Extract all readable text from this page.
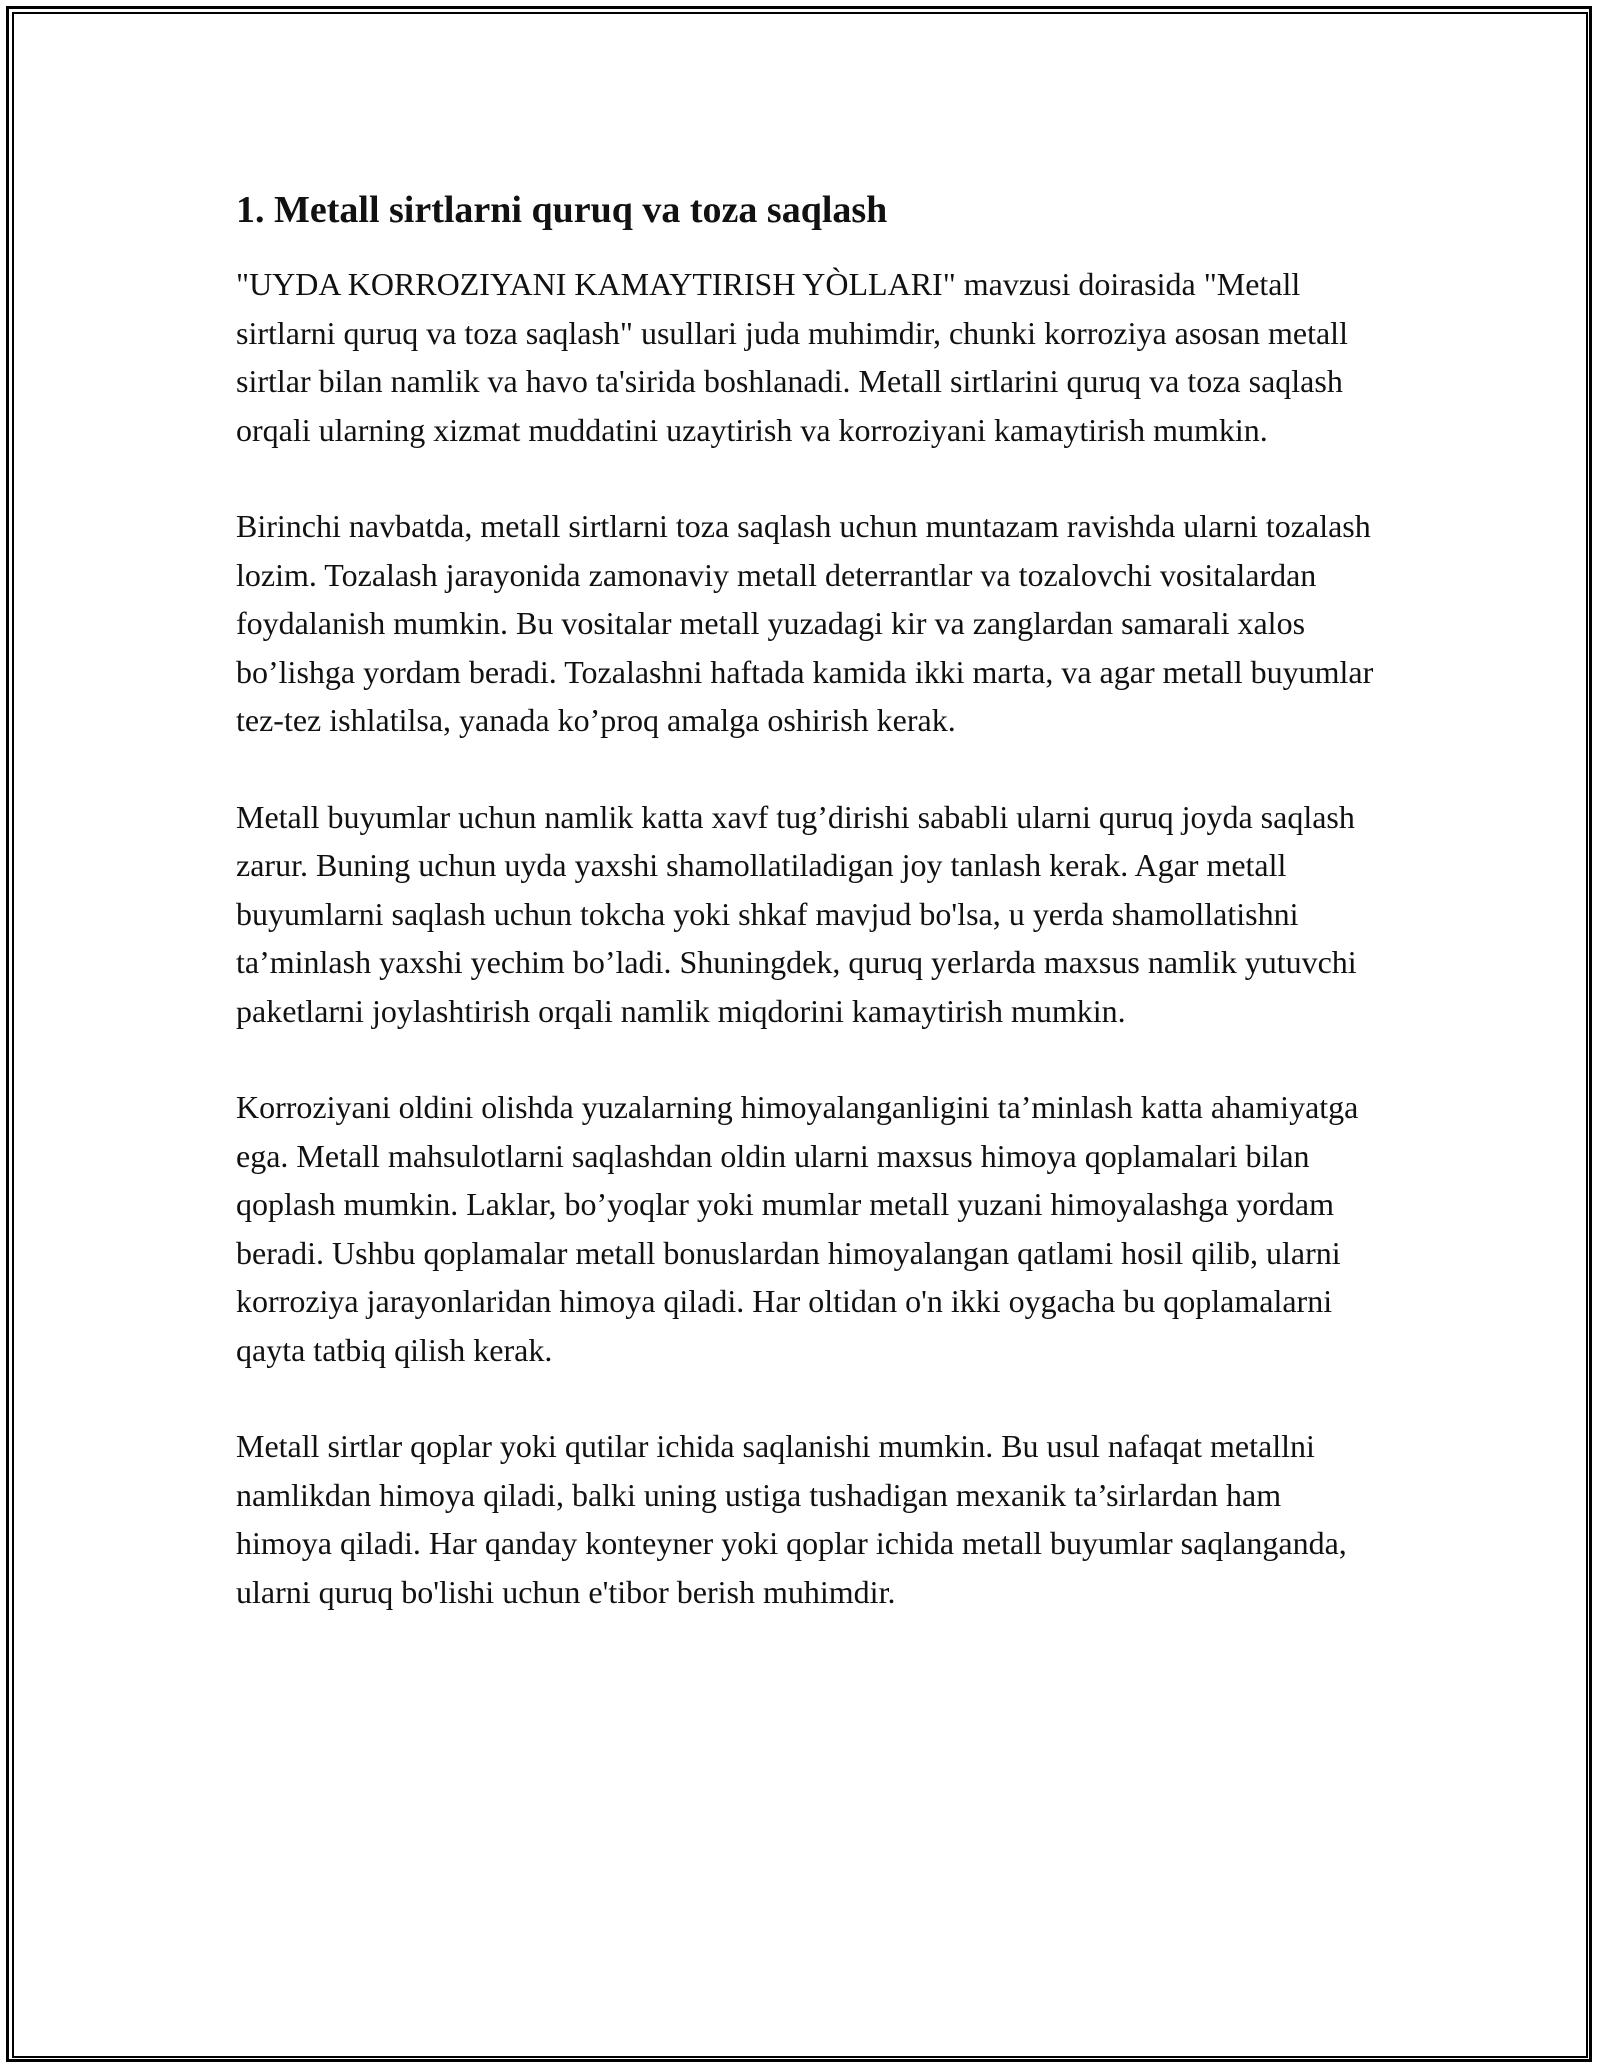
1. Metall sirtlarni quruq va toza saqlash

"UYDA KORROZIYANI KAMAYTIRISH YÒLLARI" mavzusi doirasida "Metall sirtlarni quruq va toza saqlash" usullari juda muhimdir, chunki korroziya asosan metall sirtlar bilan namlik va havo ta'sirida boshlanadi. Metall sirtlarini quruq va toza saqlash orqali ularning xizmat muddatini uzaytirish va korroziyani kamaytirish mumkin.

Birinchi navbatda, metall sirtlarni toza saqlash uchun muntazam ravishda ularni tozalash lozim. Tozalash jarayonida zamonaviy metall deterrantlar va tozalovchi vositalardan foydalanish mumkin. Bu vositalar metall yuzadagi kir va zanglardan samarali xalos bo’lishga yordam beradi. Tozalashni haftada kamida ikki marta, va agar metall buyumlar tez-tez ishlatilsa, yanada ko’proq amalga oshirish kerak.

Metall buyumlar uchun namlik katta xavf tug’dirishi sababli ularni quruq joyda saqlash zarur. Buning uchun uyda yaxshi shamollatiladigan joy tanlash kerak. Agar metall buyumlarni saqlash uchun tokcha yoki shkaf mavjud bo'lsa, u yerda shamollatishni ta’minlash yaxshi yechim bo’ladi. Shuningdek, quruq yerlarda maxsus namlik yutuvchi paketlarni joylashtirish orqali namlik miqdorini kamaytirish mumkin.

Korroziyani oldini olishda yuzalarning himoyalanganligini ta’minlash katta ahamiyatga ega. Metall mahsulotlarni saqlashdan oldin ularni maxsus himoya qoplamalari bilan qoplash mumkin. Laklar, bo’yoqlar yoki mumlar metall yuzani himoyalashga yordam beradi. Ushbu qoplamalar metall bonuslardan himoyalangan qatlami hosil qilib, ularni korroziya jarayonlaridan himoya qiladi. Har oltidan o'n ikki oygacha bu qoplamalarni qayta tatbiq qilish kerak.

Metall sirtlar qoplar yoki qutilar ichida saqlanishi mumkin. Bu usul nafaqat metallni namlikdan himoya qiladi, balki uning ustiga tushadigan mexanik ta’sirlardan ham himoya qiladi. Har qanday konteyner yoki qoplar ichida metall buyumlar saqlanganda, ularni quruq bo'lishi uchun e'tibor berish muhimdir.
